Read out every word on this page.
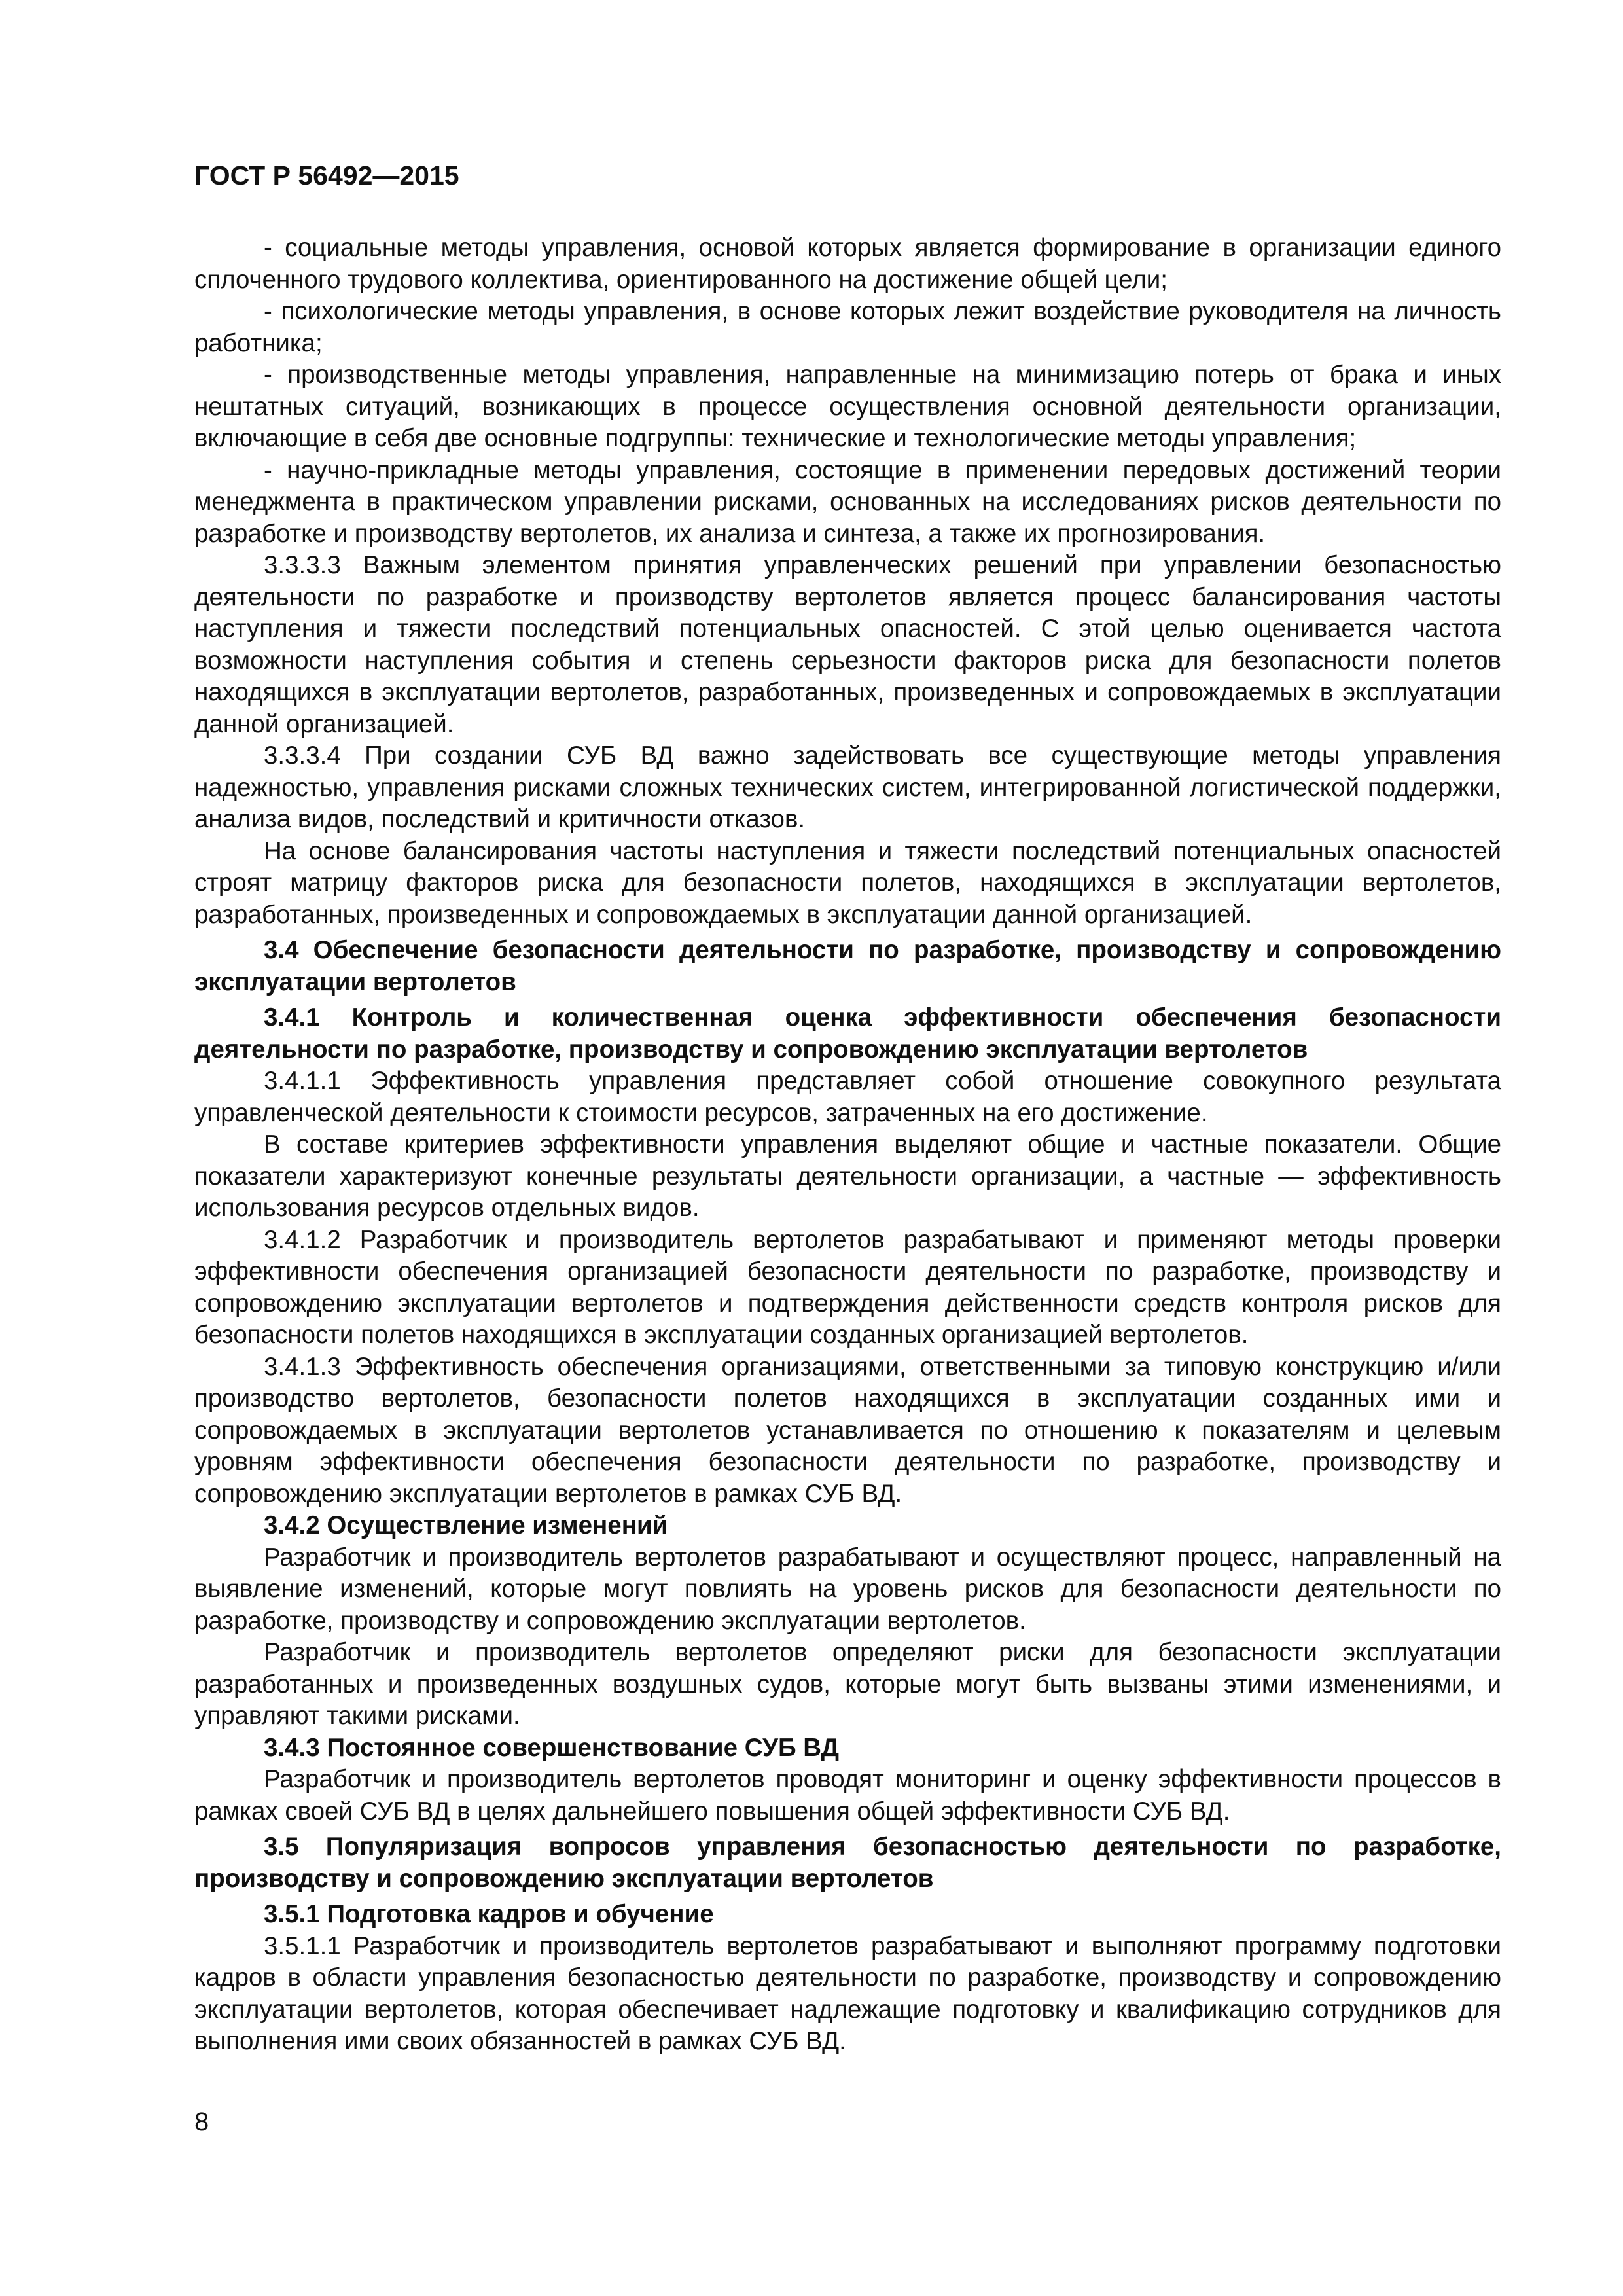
ГОСТ Р 56492—2015

- социальные методы управления, основой которых является формирование в организации единого сплоченного трудового коллектива, ориентированного на достижение общей цели;

- психологические методы управления, в основе которых лежит воздействие руководителя на личность работника;

- производственные методы управления, направленные на минимизацию потерь от брака и иных нештатных ситуаций, возникающих в процессе осуществления основной деятельности организации, включающие в себя две основные подгруппы: технические и технологические методы управления;

- научно-прикладные методы управления, состоящие в применении передовых достижений теории менеджмента в практическом управлении рисками, основанных на исследованиях рисков деятельности по разработке и производству вертолетов, их анализа и синтеза, а также их прогнозирования.

3.3.3.3 Важным элементом принятия управленческих решений при управлении безопасностью деятельности по разработке и производству вертолетов является процесс балансирования частоты наступления и тяжести последствий потенциальных опасностей. С этой целью оценивается частота возможности наступления события и степень серьезности факторов риска для безопасности полетов находящихся в эксплуатации вертолетов, разработанных, произведенных и сопровождаемых в эксплуатации данной организацией.

3.3.3.4 При создании СУБ ВД важно задействовать все существующие методы управления надежностью, управления рисками сложных технических систем, интегрированной логистической поддержки, анализа видов, последствий и критичности отказов.

На основе балансирования частоты наступления и тяжести последствий потенциальных опасностей строят матрицу факторов риска для безопасности полетов, находящихся в эксплуатации вертолетов, разработанных, произведенных и сопровождаемых в эксплуатации данной организацией.

3.4 Обеспечение безопасности деятельности по разработке, производству и сопровождению эксплуатации вертолетов

3.4.1 Контроль и количественная оценка эффективности обеспечения безопасности деятельности по разработке, производству и сопровождению эксплуатации вертолетов

3.4.1.1 Эффективность управления представляет собой отношение совокупного результата управленческой деятельности к стоимости ресурсов, затраченных на его достижение.

В составе критериев эффективности управления выделяют общие и частные показатели. Общие показатели характеризуют конечные результаты деятельности организации, а частные — эффективность использования ресурсов отдельных видов.

3.4.1.2 Разработчик и производитель вертолетов разрабатывают и применяют методы проверки эффективности обеспечения организацией безопасности деятельности по разработке, производству и сопровождению эксплуатации вертолетов и подтверждения действенности средств контроля рисков для безопасности полетов находящихся в эксплуатации созданных организацией вертолетов.

3.4.1.3 Эффективность обеспечения организациями, ответственными за типовую конструкцию и/или производство вертолетов, безопасности полетов находящихся в эксплуатации созданных ими и сопровождаемых в эксплуатации вертолетов устанавливается по отношению к показателям и целевым уровням эффективности обеспечения безопасности деятельности по разработке, производству и сопровождению эксплуатации вертолетов в рамках СУБ ВД.

3.4.2 Осуществление изменений

Разработчик и производитель вертолетов разрабатывают и осуществляют процесс, направленный на выявление изменений, которые могут повлиять на уровень рисков для безопасности деятельности по разработке, производству и сопровождению эксплуатации вертолетов.

Разработчик и производитель вертолетов определяют риски для безопасности эксплуатации разработанных и произведенных воздушных судов, которые могут быть вызваны этими изменениями, и управляют такими рисками.

3.4.3 Постоянное совершенствование СУБ ВД

Разработчик и производитель вертолетов проводят мониторинг и оценку эффективности процессов в рамках своей СУБ ВД в целях дальнейшего повышения общей эффективности СУБ ВД.

3.5 Популяризация вопросов управления безопасностью деятельности по разработке, производству и сопровождению эксплуатации вертолетов

3.5.1 Подготовка кадров и обучение

3.5.1.1 Разработчик и производитель вертолетов разрабатывают и выполняют программу подготовки кадров в области управления безопасностью деятельности по разработке, производству и сопровождению эксплуатации вертолетов, которая обеспечивает надлежащие подготовку и квалификацию сотрудников для выполнения ими своих обязанностей в рамках СУБ ВД.

8
